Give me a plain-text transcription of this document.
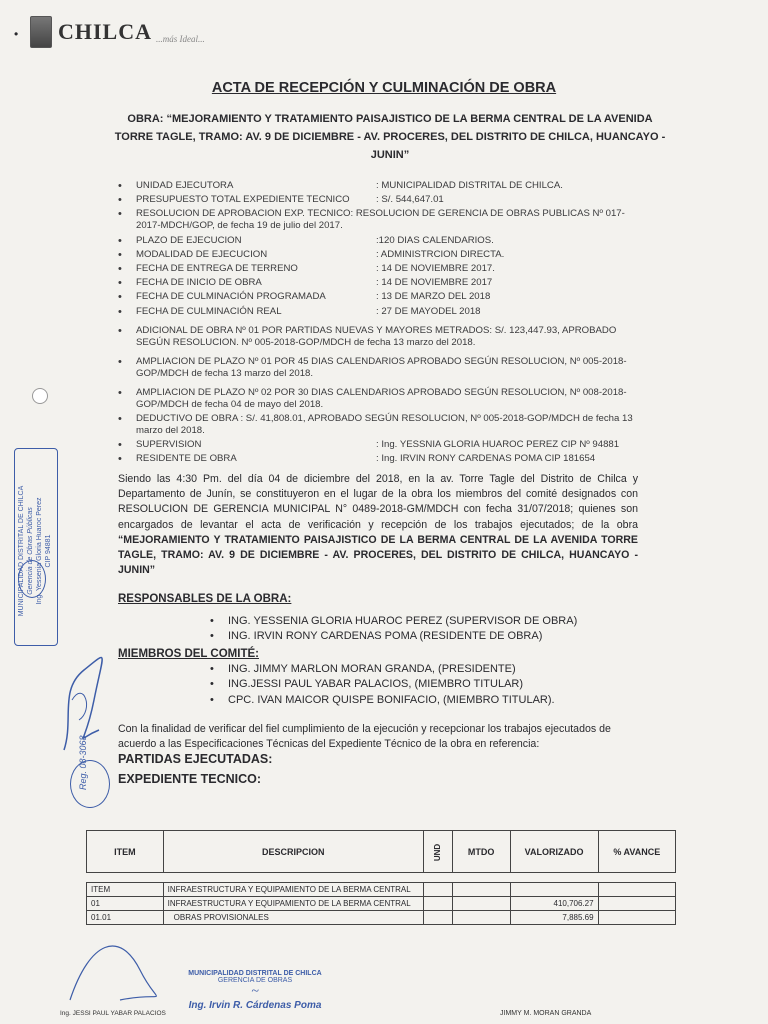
• CHILCA ...más Ideal...
ACTA DE RECEPCIÓN Y CULMINACIÓN DE OBRA
OBRA: “MEJORAMIENTO Y TRATAMIENTO PAISAJISTICO DE LA BERMA CENTRAL DE LA AVENIDA TORRE TAGLE, TRAMO: AV. 9 DE DICIEMBRE - AV. PROCERES, DEL DISTRITO DE CHILCA, HUANCAYO - JUNIN”
• UNIDAD EJECUTORA	: MUNICIPALIDAD DISTRITAL DE CHILCA.
• PRESUPUESTO TOTAL EXPEDIENTE TECNICO	: S/. 544,647.01
• RESOLUCION DE APROBACION EXP. TECNICO: RESOLUCION DE GERENCIA DE OBRAS PUBLICAS Nº 017-2017-MDCH/GOP, de fecha 19 de julio del 2017.
• PLAZO DE EJECUCION	:120 DIAS CALENDARIOS.
• MODALIDAD DE EJECUCION	: ADMINISTRCION DIRECTA.
• FECHA DE ENTREGA DE TERRENO	: 14 DE NOVIEMBRE 2017.
• FECHA DE INICIO DE OBRA	: 14 DE NOVIEMBRE 2017
• FECHA DE CULMINACIÓN PROGRAMADA	: 13 DE MARZO DEL 2018
• FECHA DE CULMINACIÓN REAL	: 27 DE MAYODEL 2018
• ADICIONAL DE OBRA Nº 01 POR PARTIDAS NUEVAS Y MAYORES METRADOS: S/. 123,447.93, APROBADO SEGÚN RESOLUCION. Nº 005-2018-GOP/MDCH de fecha 13 marzo del 2018.
• AMPLIACION DE PLAZO Nº 01 POR 45 DIAS CALENDARIOS APROBADO SEGÚN RESOLUCION, Nº 005-2018-GOP/MDCH de fecha 13 marzo del 2018.
• AMPLIACION DE PLAZO Nº 02 POR 30 DIAS CALENDARIOS APROBADO SEGÚN RESOLUCION, Nº 008-2018-GOP/MDCH de fecha 04 de mayo del 2018.
• DEDUCTIVO DE OBRA : S/. 41,808.01, APROBADO SEGÚN RESOLUCION, Nº 005-2018-GOP/MDCH de fecha 13 marzo del 2018.
• SUPERVISION	: Ing. YESSNIA GLORIA HUAROC PEREZ CIP Nº 94881
• RESIDENTE DE OBRA	: Ing. IRVIN RONY CARDENAS POMA CIP 181654
Siendo las 4:30 Pm. del día 04 de diciembre del 2018, en la av. Torre Tagle del Distrito de Chilca y Departamento de Junín, se constituyeron en el lugar de la obra los miembros del comité designados con RESOLUCION DE GERENCIA MUNICIPAL N° 0489-2018-GM/MDCH con fecha 31/07/2018; quienes son encargados de levantar el acta de verificación y recepción de los trabajos ejecutados; de la obra “MEJORAMIENTO Y TRATAMIENTO PAISAJISTICO DE LA BERMA CENTRAL DE LA AVENIDA TORRE TAGLE, TRAMO: AV. 9 DE DICIEMBRE - AV. PROCERES, DEL DISTRITO DE CHILCA, HUANCAYO - JUNIN”
RESPONSABLES DE LA OBRA:
• ING. YESSENIA GLORIA HUAROC PEREZ (SUPERVISOR DE OBRA)
• ING. IRVIN RONY CARDENAS POMA (RESIDENTE DE OBRA)
MIEMBROS DEL COMITÉ:
• ING. JIMMY MARLON MORAN GRANDA, (PRESIDENTE)
• ING.JESSI PAUL YABAR PALACIOS, (MIEMBRO TITULAR)
• CPC. IVAN MAICOR QUISPE BONIFACIO, (MIEMBRO TITULAR).
Con la finalidad de verificar del fiel cumplimiento de la ejecución y recepcionar los trabajos ejecutados de acuerdo a las Especificaciones Técnicas del Expediente Técnico de la obra en referencia:
PARTIDAS EJECUTADAS:
EXPEDIENTE TECNICO:
ITEM	DESCRIPCION	UND	MTDO	VALORIZADO	% AVANCE

ITEM	INFRAESTRUCTURA Y EQUIPAMIENTO DE LA BERMA CENTRAL				
01	INFRAESTRUCTURA Y EQUIPAMIENTO DE LA BERMA CENTRAL			410,706.27	
01.01	OBRAS PROVISIONALES			7,885.69	
MUNICIPALIDAD DISTRITAL DE CHILCA Gerencia de Obras Públicas Ing. Yessenia Gloria Huaroc Perez CIP 94881
Reg. 08-3068
MUNICIPALIDAD DISTRITAL DE CHILCA
GERENCIA DE OBRAS
~
Ing. Irvin R. Cárdenas Poma
Ing. JESSI PAUL YABAR PALACIOS	JIMMY M. MORAN GRANDA
